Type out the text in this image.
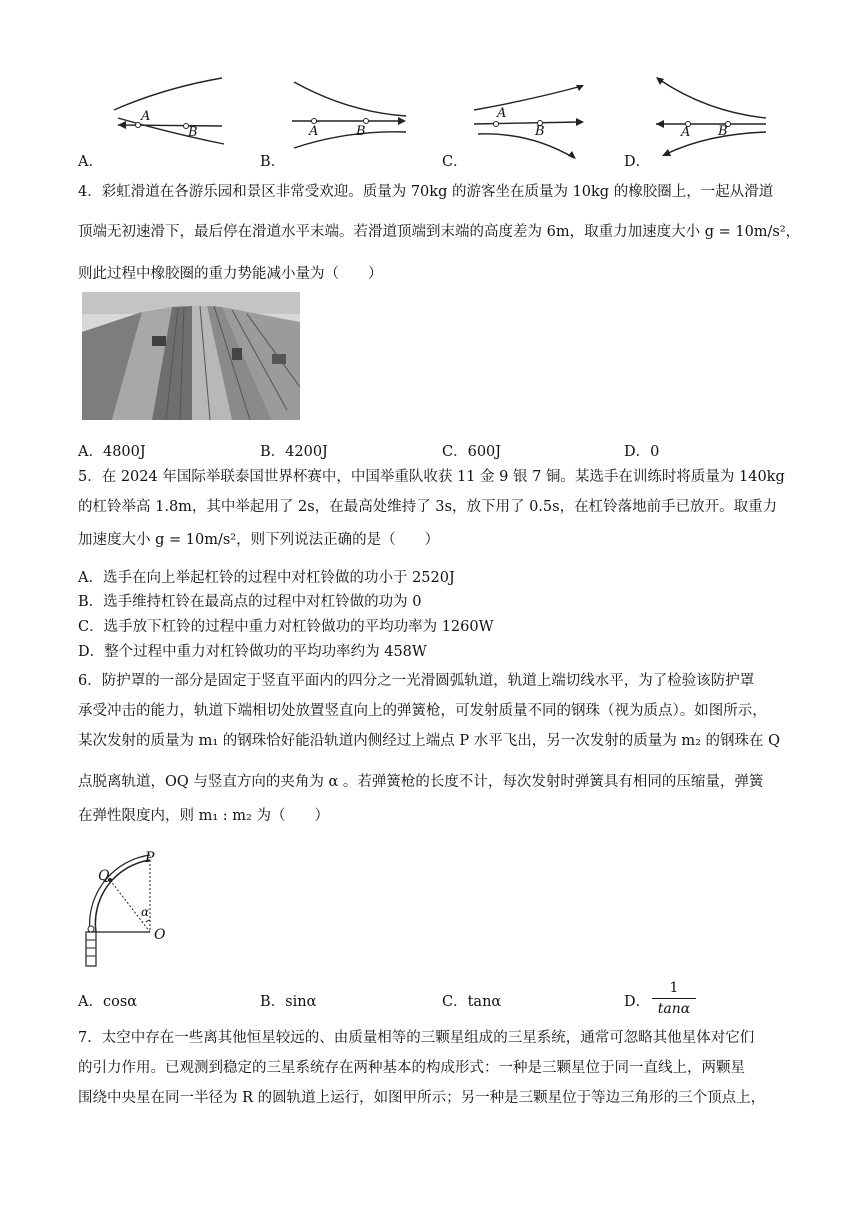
A
B	A	B
A
B	A B
A．	B．	C．	D．
4．彩虹滑道在各游乐园和景区非常受欢迎。质量为 70kg 的游客坐在质量为 10kg 的橡胶圈上，一起从滑道
顶端无初速滑下，最后停在滑道水平末端。若滑道顶端到末端的高度差为 6m，取重力加速度大小 g = 10m/s²，
则此过程中橡胶圈的重力势能减小量为（　　）
A．4800J	B．4200J	C．600J	D．0
5．在 2024 年国际举联泰国世界杯赛中，中国举重队收获 11 金 9 银 7 铜。某选手在训练时将质量为 140kg
的杠铃举高 1.8m，其中举起用了 2s，在最高处维持了 3s，放下用了 0.5s，在杠铃落地前手已放开。取重力
加速度大小 g = 10m/s²，则下列说法正确的是（　　）
A．选手在向上举起杠铃的过程中对杠铃做的功小于 2520J
B．选手维持杠铃在最高点的过程中对杠铃做的功为 0
C．选手放下杠铃的过程中重力对杠铃做功的平均功率为 1260W
D．整个过程中重力对杠铃做功的平均功率约为 458W
6．防护罩的一部分是固定于竖直平面内的四分之一光滑圆弧轨道，轨道上端切线水平，为了检验该防护罩
承受冲击的能力，轨道下端相切处放置竖直向上的弹簧枪，可发射质量不同的钢珠（视为质点）。如图所示，
某次发射的质量为 m₁ 的钢珠恰好能沿轨道内侧经过上端点 P 水平飞出，另一次发射的质量为 m₂ 的钢珠在 Q
点脱离轨道，OQ 与竖直方向的夹角为 α 。若弹簧枪的长度不计，每次发射时弹簧具有相同的压缩量，弹簧
在弹性限度内，则 m₁ : m₂ 为（　　）
P
Q
α
O
A．cosα	B．sinα	C．tanα	D． $\frac{1}{\tan\alpha}$
7．太空中存在一些离其他恒星较远的、由质量相等的三颗星组成的三星系统，通常可忽略其他星体对它们
的引力作用。已观测到稳定的三星系统存在两种基本的构成形式：一种是三颗星位于同一直线上，两颗星
围绕中央星在同一半径为 R 的圆轨道上运行，如图甲所示；另一种是三颗星位于等边三角形的三个顶点上，
